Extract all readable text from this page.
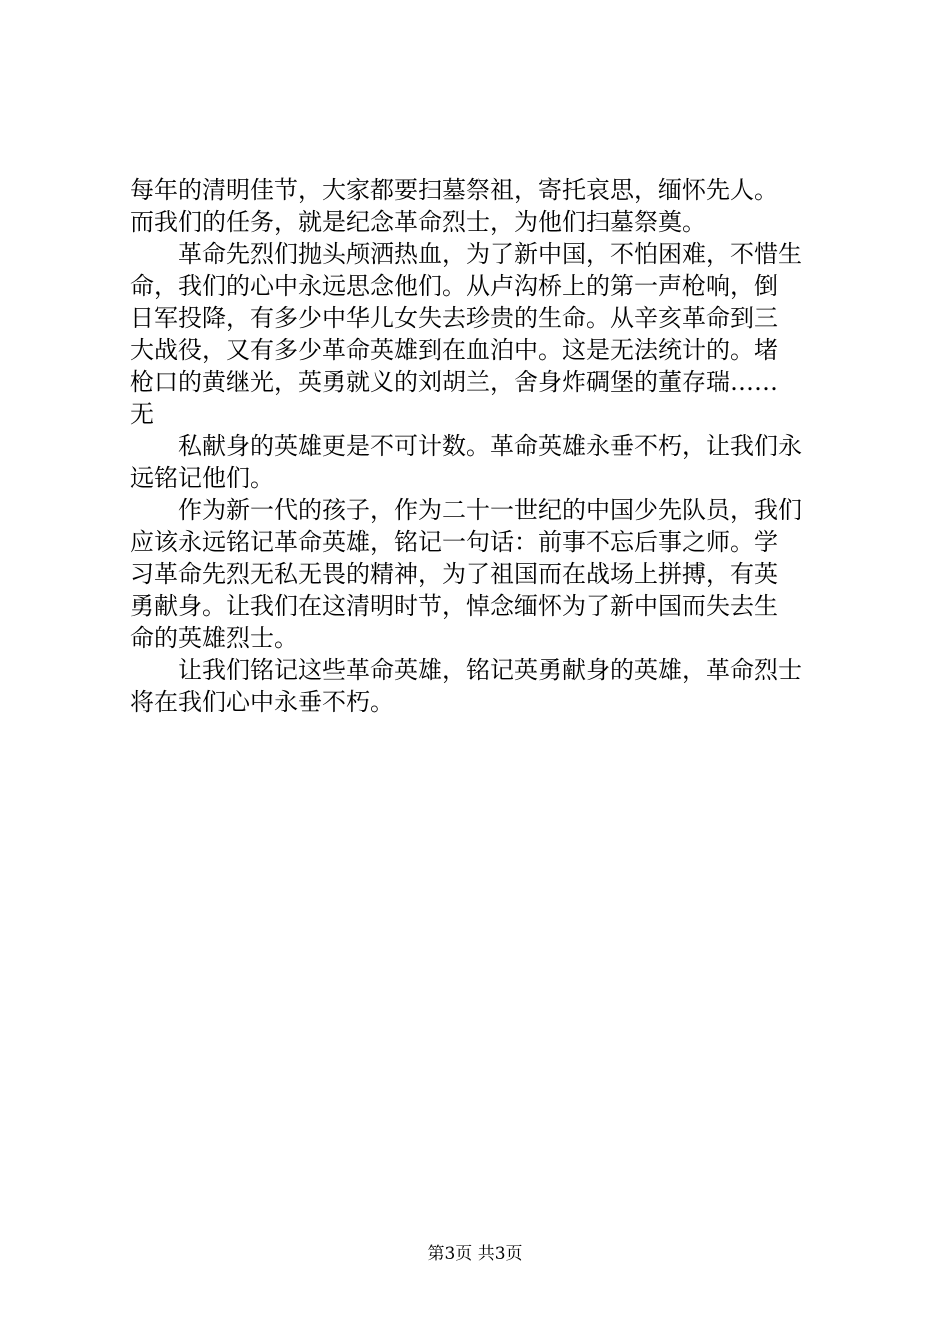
每年的清明佳节，大家都要扫墓祭祖，寄托哀思，缅怀先人。
而我们的任务，就是纪念革命烈士，为他们扫墓祭奠。
　　革命先烈们抛头颅洒热血，为了新中国，不怕困难，不惜生
命，我们的心中永远思念他们。从卢沟桥上的第一声枪响，倒
日军投降，有多少中华儿女失去珍贵的生命。从辛亥革命到三
大战役，又有多少革命英雄到在血泊中。这是无法统计的。堵
枪口的黄继光，英勇就义的刘胡兰，舍身炸碉堡的董存瑞……
无
　　私献身的英雄更是不可计数。革命英雄永垂不朽，让我们永
远铭记他们。
　　作为新一代的孩子，作为二十一世纪的中国少先队员，我们
应该永远铭记革命英雄，铭记一句话：前事不忘后事之师。学
习革命先烈无私无畏的精神，为了祖国而在战场上拼搏，有英
勇献身。让我们在这清明时节，悼念缅怀为了新中国而失去生
命的英雄烈士。
　　让我们铭记这些革命英雄，铭记英勇献身的英雄，革命烈士
将在我们心中永垂不朽。
第3页 共3页
